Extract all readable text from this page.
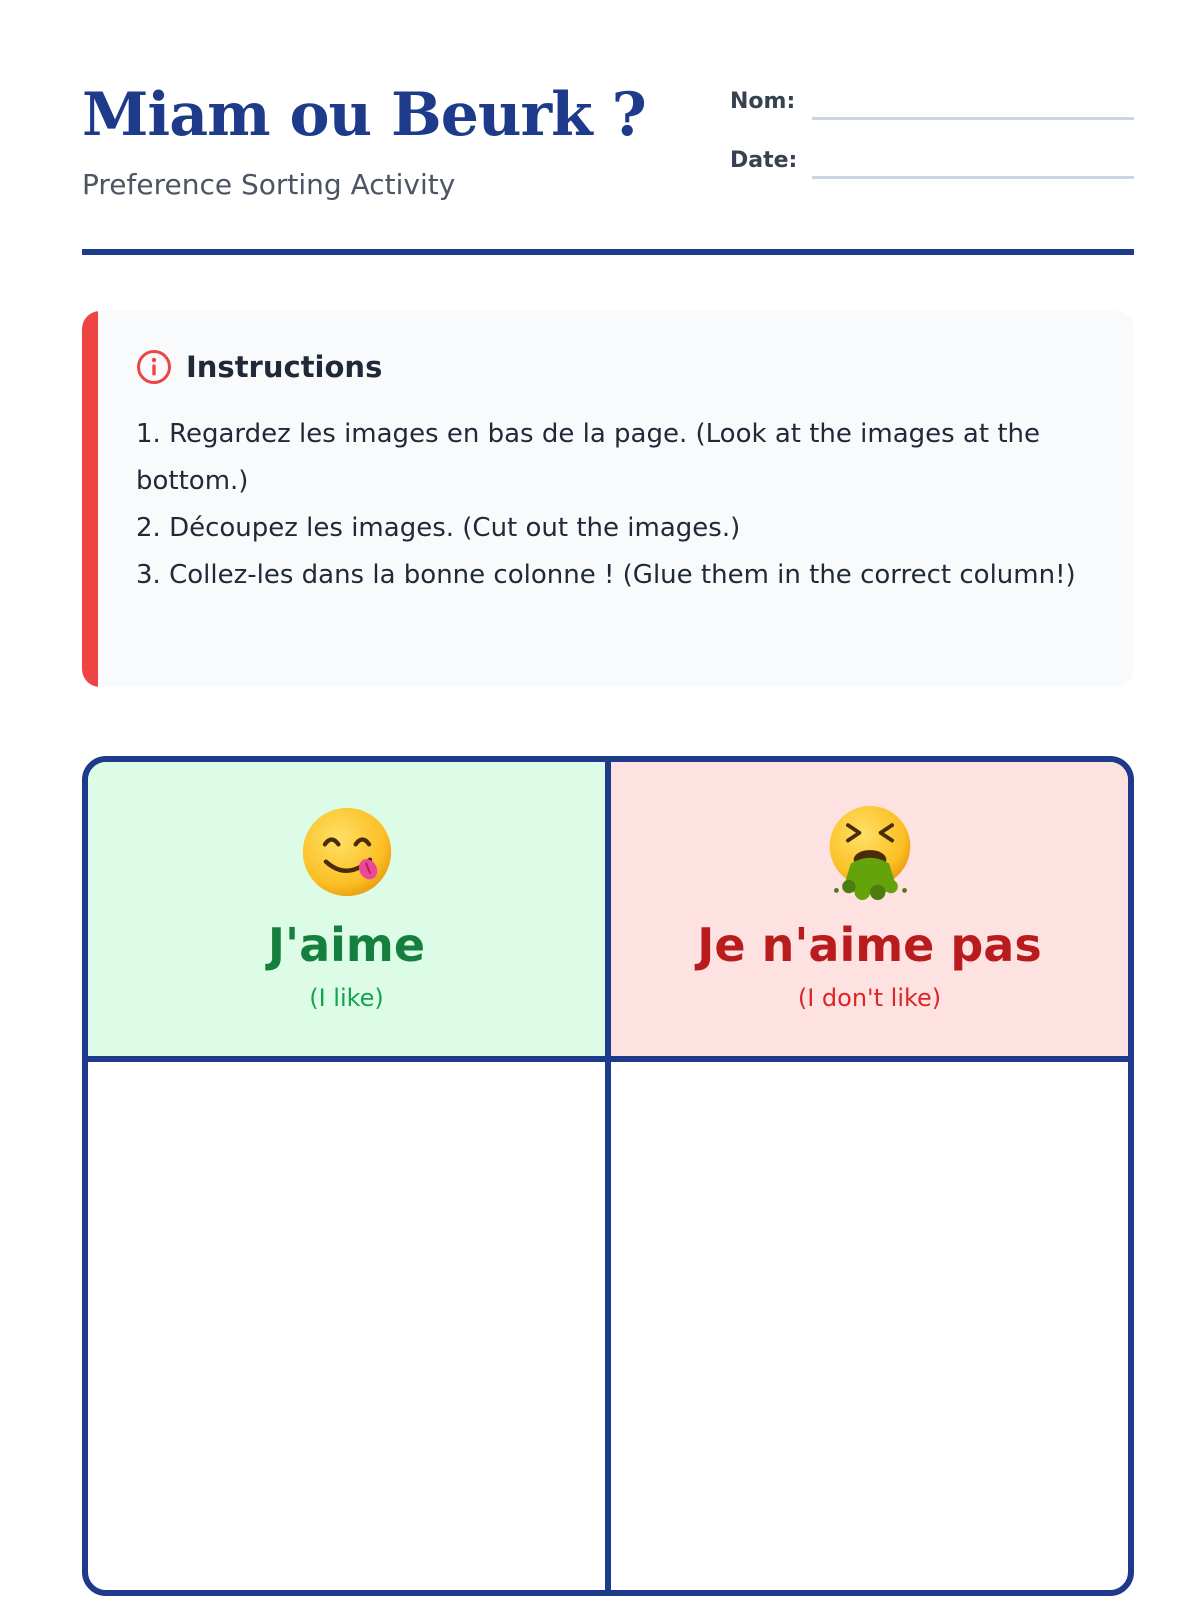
Miam ou Beurk ?
Preference Sorting Activity
Nom:
Date:
Instructions

1. Regardez les images en bas de la page. (Look at the images at the bottom.)

2. Découpez les images. (Cut out the images.)

3. Collez-les dans la bonne colonne ! (Glue them in the correct column!)

J'aime
(I like)
Je n'aime pas
(I don't like)
